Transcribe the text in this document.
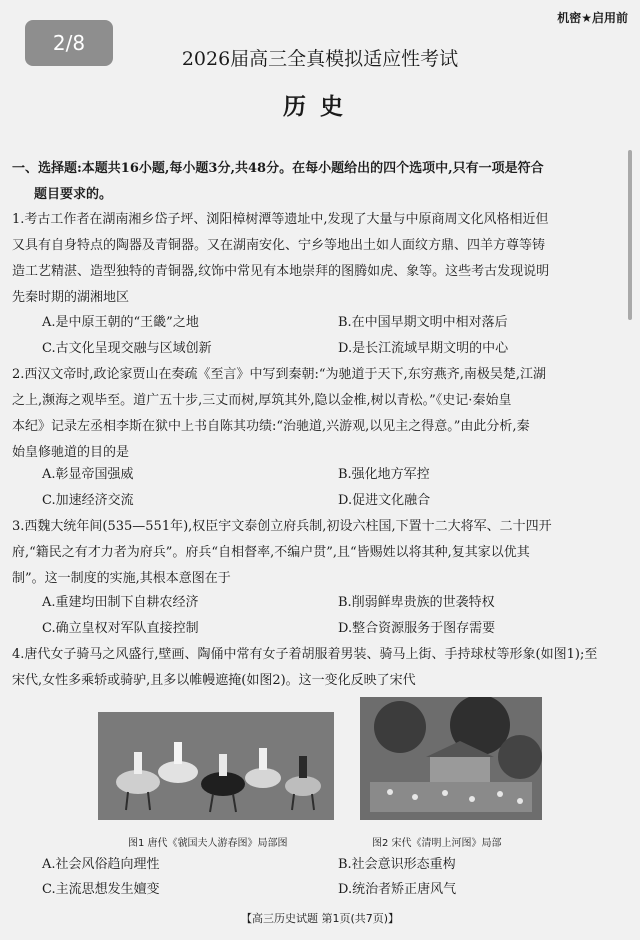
2/8
机密★启用前
2026届高三全真模拟适应性考试
历史
一、选择题:本题共16小题,每小题3分,共48分。在每小题给出的四个选项中,只有一项是符合
题目要求的。
1.考古工作者在湖南湘乡岱子坪、浏阳樟树潭等遗址中,发现了大量与中原商周文化风格相近但
又具有自身特点的陶器及青铜器。又在湖南安化、宁乡等地出土如人面纹方鼎、四羊方尊等铸
造工艺精湛、造型独特的青铜器,纹饰中常见有本地崇拜的图腾如虎、象等。这些考古发现说明
先秦时期的湖湘地区
A.是中原王朝的“王畿”之地	B.在中国早期文明中相对落后
C.古文化呈现交融与区域创新	D.是长江流域早期文明的中心
2.西汉文帝时,政论家贾山在奏疏《至言》中写到秦朝:“为驰道于天下,东穷燕齐,南极吴楚,江湖
之上,濒海之观毕至。道广五十步,三丈而树,厚筑其外,隐以金椎,树以青松。”《史记·秦始皇
本纪》记录左丞相李斯在狱中上书自陈其功绩:“治驰道,兴游观,以见主之得意。”由此分析,秦
始皇修驰道的目的是
A.彰显帝国强威	B.强化地方军控
C.加速经济交流	D.促进文化融合
3.西魏大统年间(535—551年),权臣宇文泰创立府兵制,初设六柱国,下置十二大将军、二十四开
府,“籍民之有才力者为府兵”。府兵“自相督率,不编户贯”,且“皆赐姓以将其种,复其家以优其
制”。这一制度的实施,其根本意图在于
A.重建均田制下自耕农经济	B.削弱鲜卑贵族的世袭特权
C.确立皇权对军队直接控制	D.整合资源服务于图存需要
4.唐代女子骑马之风盛行,壁画、陶俑中常有女子着胡服着男装、骑马上街、手持球杖等形象(如图1);至
宋代,女性多乘轿或骑驴,且多以帷幔遮掩(如图2)。这一变化反映了宋代
图1 唐代《虢国夫人游春图》局部图	图2 宋代《清明上河图》局部
A.社会风俗趋向理性	B.社会意识形态重构
C.主流思想发生嬗变	D.统治者矫正唐风气
【高三历史试题 第1页(共7页)】
